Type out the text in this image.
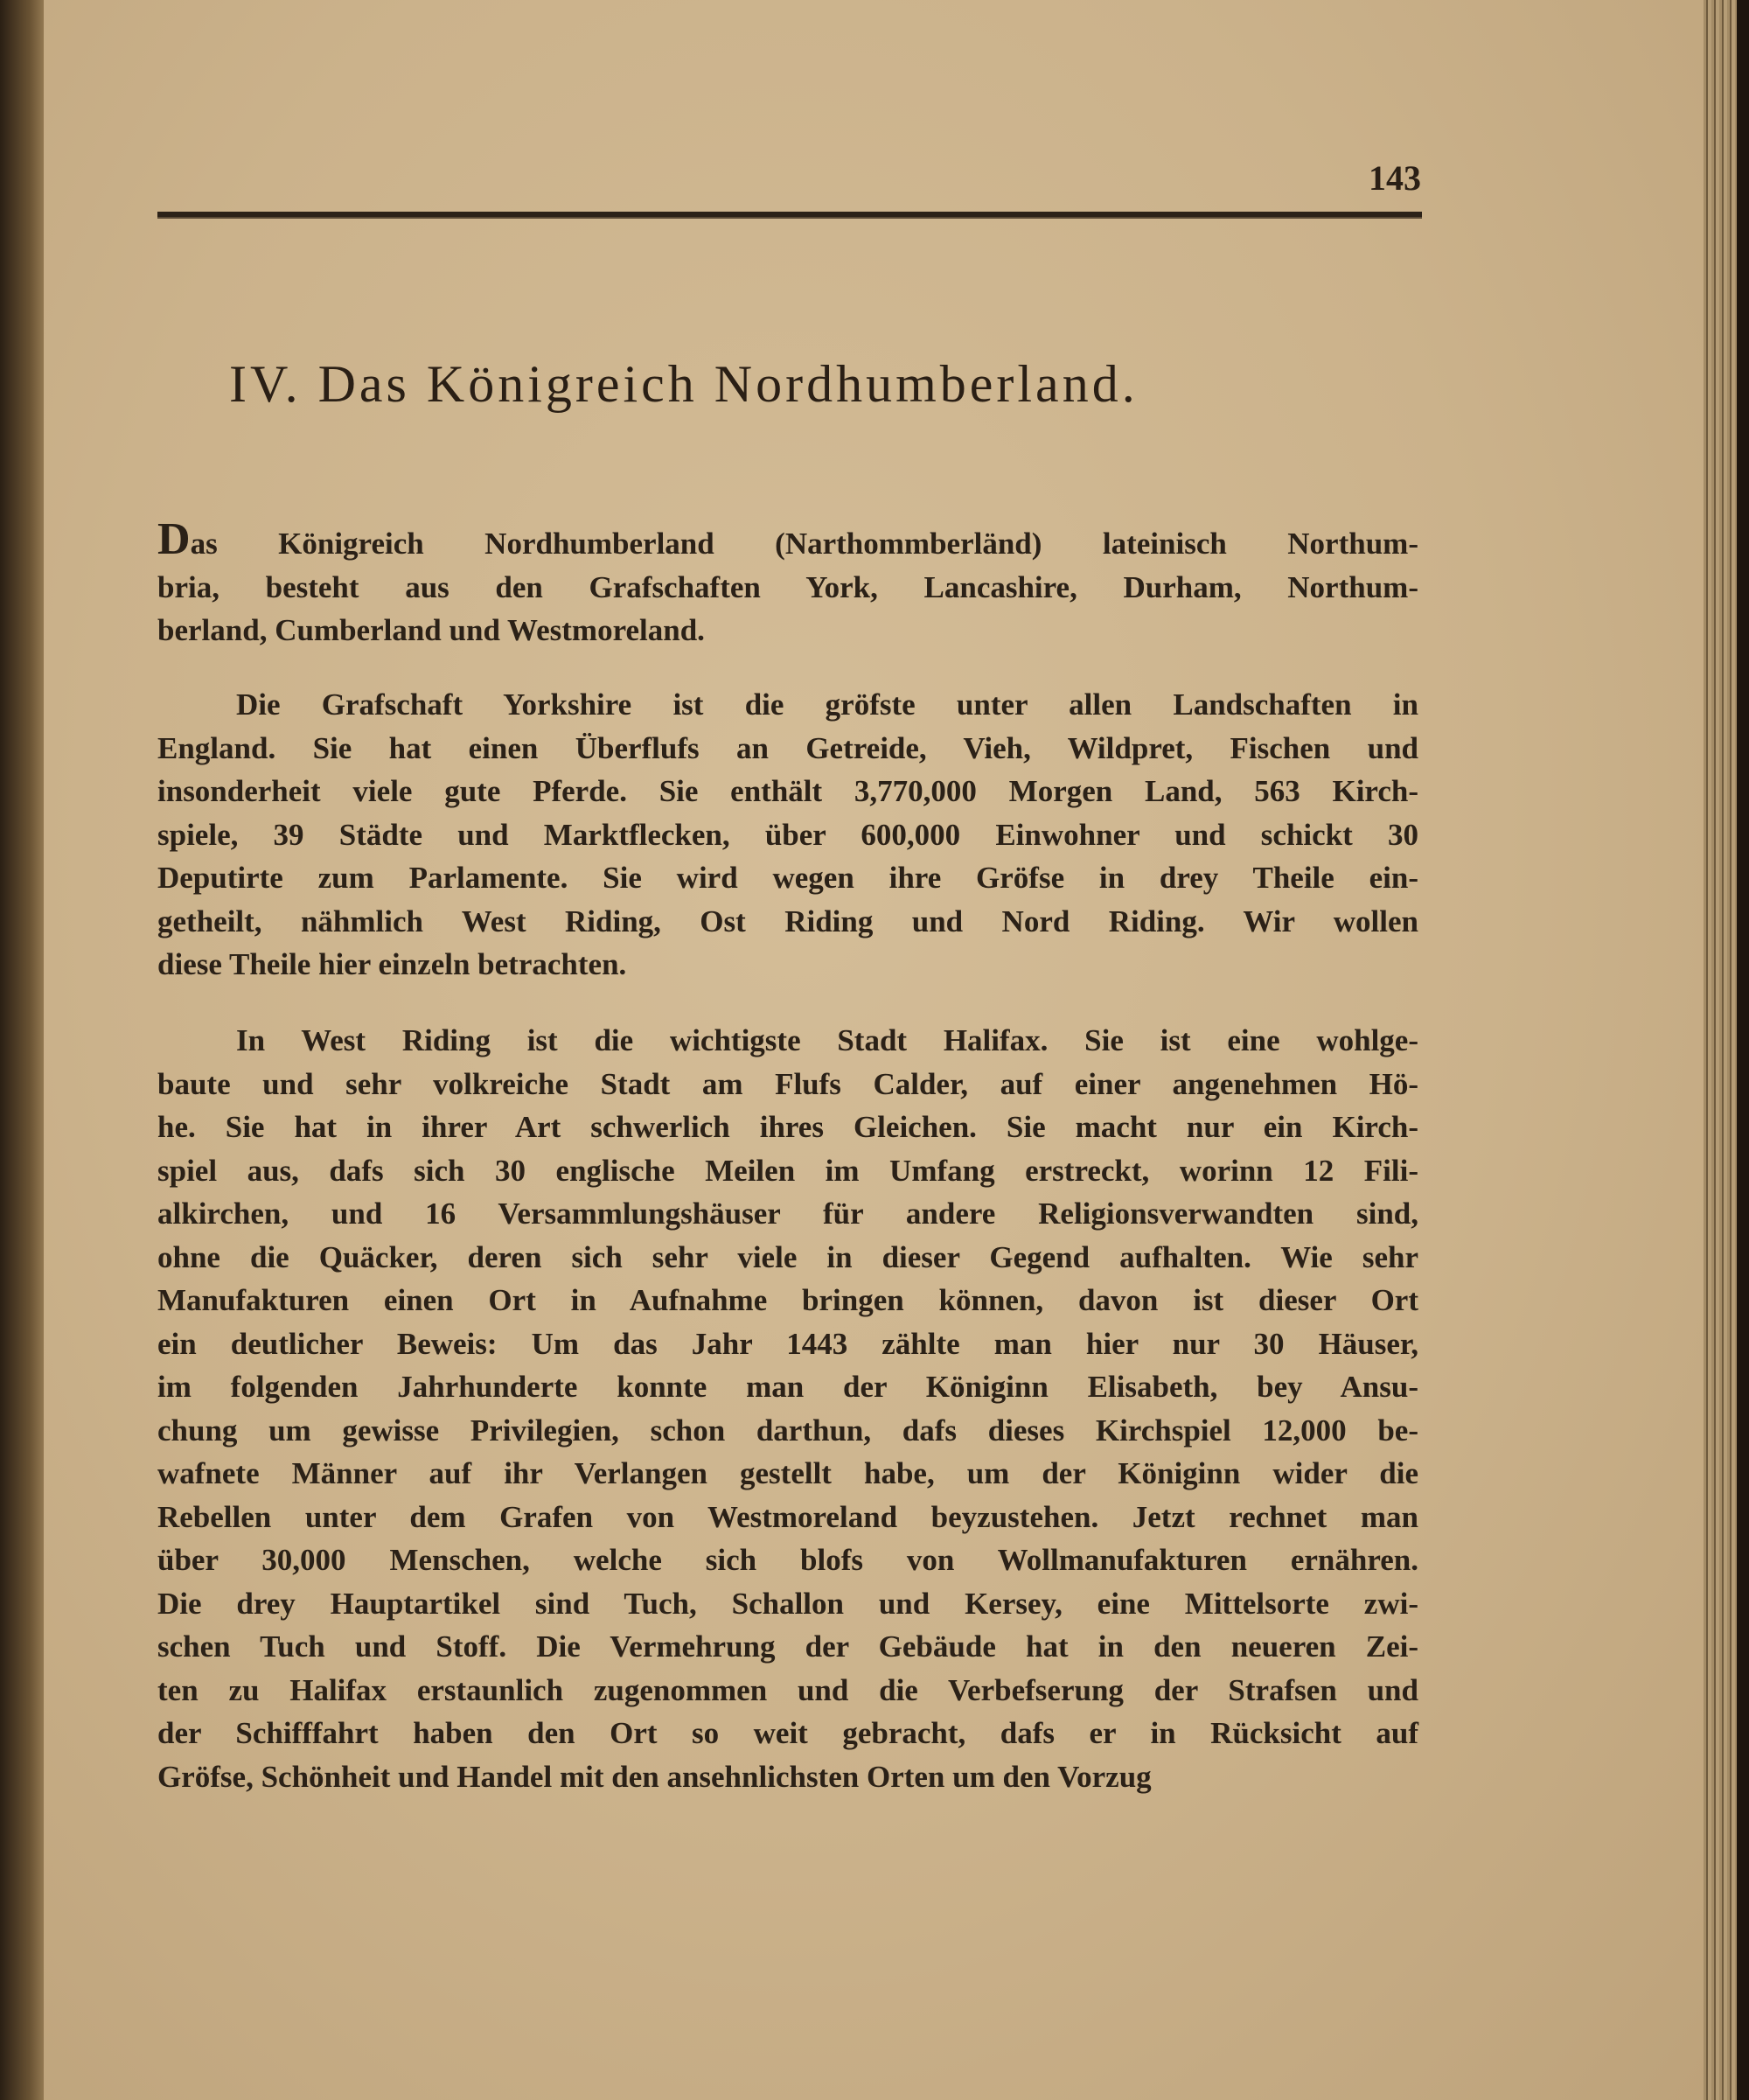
143
IV. Das Königreich Nordhumberland.
Das Königreich Nordhumberland (Narthommberländ) lateinisch Northum-
bria, besteht aus den Grafschaften York, Lancashire, Durham, Northum-
berland, Cumberland und Westmoreland.
Die Grafschaft Yorkshire ist die gröfste unter allen Landschaften in
England. Sie hat einen Überflufs an Getreide, Vieh, Wildpret, Fischen und
insonderheit viele gute Pferde. Sie enthält 3,770,000 Morgen Land, 563 Kirch-
spiele, 39 Städte und Marktflecken, über 600,000 Einwohner und schickt 30
Deputirte zum Parlamente. Sie wird wegen ihre Gröfse in drey Theile ein-
getheilt, nähmlich West Riding, Ost Riding und Nord Riding. Wir wollen
diese Theile hier einzeln betrachten.
In West Riding ist die wichtigste Stadt Halifax. Sie ist eine wohlge-
baute und sehr volkreiche Stadt am Flufs Calder, auf einer angenehmen Hö-
he. Sie hat in ihrer Art schwerlich ihres Gleichen. Sie macht nur ein Kirch-
spiel aus, dafs sich 30 englische Meilen im Umfang erstreckt, worinn 12 Fili-
alkirchen, und 16 Versammlungshäuser für andere Religionsverwandten sind,
ohne die Quäcker, deren sich sehr viele in dieser Gegend aufhalten. Wie sehr
Manufakturen einen Ort in Aufnahme bringen können, davon ist dieser Ort
ein deutlicher Beweis: Um das Jahr 1443 zählte man hier nur 30 Häuser,
im folgenden Jahrhunderte konnte man der Königinn Elisabeth, bey Ansu-
chung um gewisse Privilegien, schon darthun, dafs dieses Kirchspiel 12,000 be-
wafnete Männer auf ihr Verlangen gestellt habe, um der Königinn wider die
Rebellen unter dem Grafen von Westmoreland beyzustehen. Jetzt rechnet man
über 30,000 Menschen, welche sich blofs von Wollmanufakturen ernähren.
Die drey Hauptartikel sind Tuch, Schallon und Kersey, eine Mittelsorte zwi-
schen Tuch und Stoff. Die Vermehrung der Gebäude hat in den neueren Zei-
ten zu Halifax erstaunlich zugenommen und die Verbefserung der Strafsen und
der Schifffahrt haben den Ort so weit gebracht, dafs er in Rücksicht auf
Gröfse, Schönheit und Handel mit den ansehnlichsten Orten um den Vorzug
